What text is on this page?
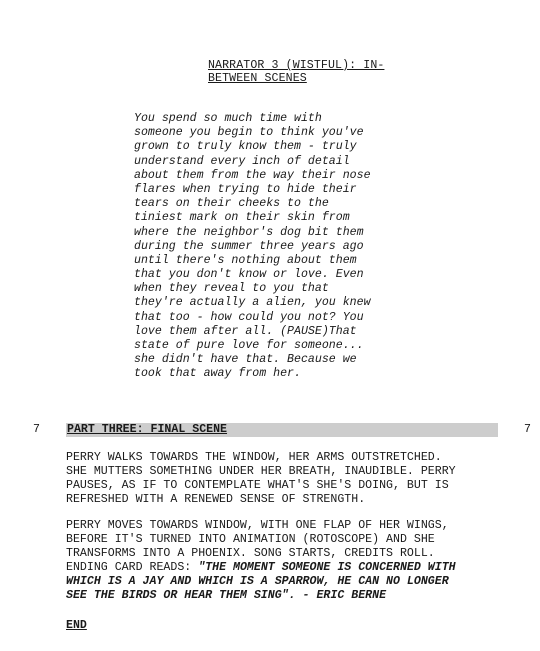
NARRATOR 3 (WISTFUL): IN-
BETWEEN SCENES
You spend so much time with
someone you begin to think you've
grown to truly know them - truly
understand every inch of detail
about them from the way their nose
flares when trying to hide their
tears on their cheeks to the
tiniest mark on their skin from
where the neighbor's dog bit them
during the summer three years ago
until there's nothing about them
that you don't know or love. Even
when they reveal to you that
they're actually a alien, you knew
that too - how could you not? You
love them after all. (PAUSE)That
state of pure love for someone...
she didn't have that. Because we
took that away from her.
7 PART THREE: FINAL SCENE	7
PERRY WALKS TOWARDS THE WINDOW, HER ARMS OUTSTRETCHED.
SHE MUTTERS SOMETHING UNDER HER BREATH, INAUDIBLE. PERRY
PAUSES, AS IF TO CONTEMPLATE WHAT'S SHE'S DOING, BUT IS
REFRESHED WITH A RENEWED SENSE OF STRENGTH.
PERRY MOVES TOWARDS WINDOW, WITH ONE FLAP OF HER WINGS,
BEFORE IT'S TURNED INTO ANIMATION (ROTOSCOPE) AND SHE
TRANSFORMS INTO A PHOENIX. SONG STARTS, CREDITS ROLL.
ENDING CARD READS: "THE MOMENT SOMEONE IS CONCERNED WITH
WHICH IS A JAY AND WHICH IS A SPARROW, HE CAN NO LONGER
SEE THE BIRDS OR HEAR THEM SING". - ERIC BERNE
END
